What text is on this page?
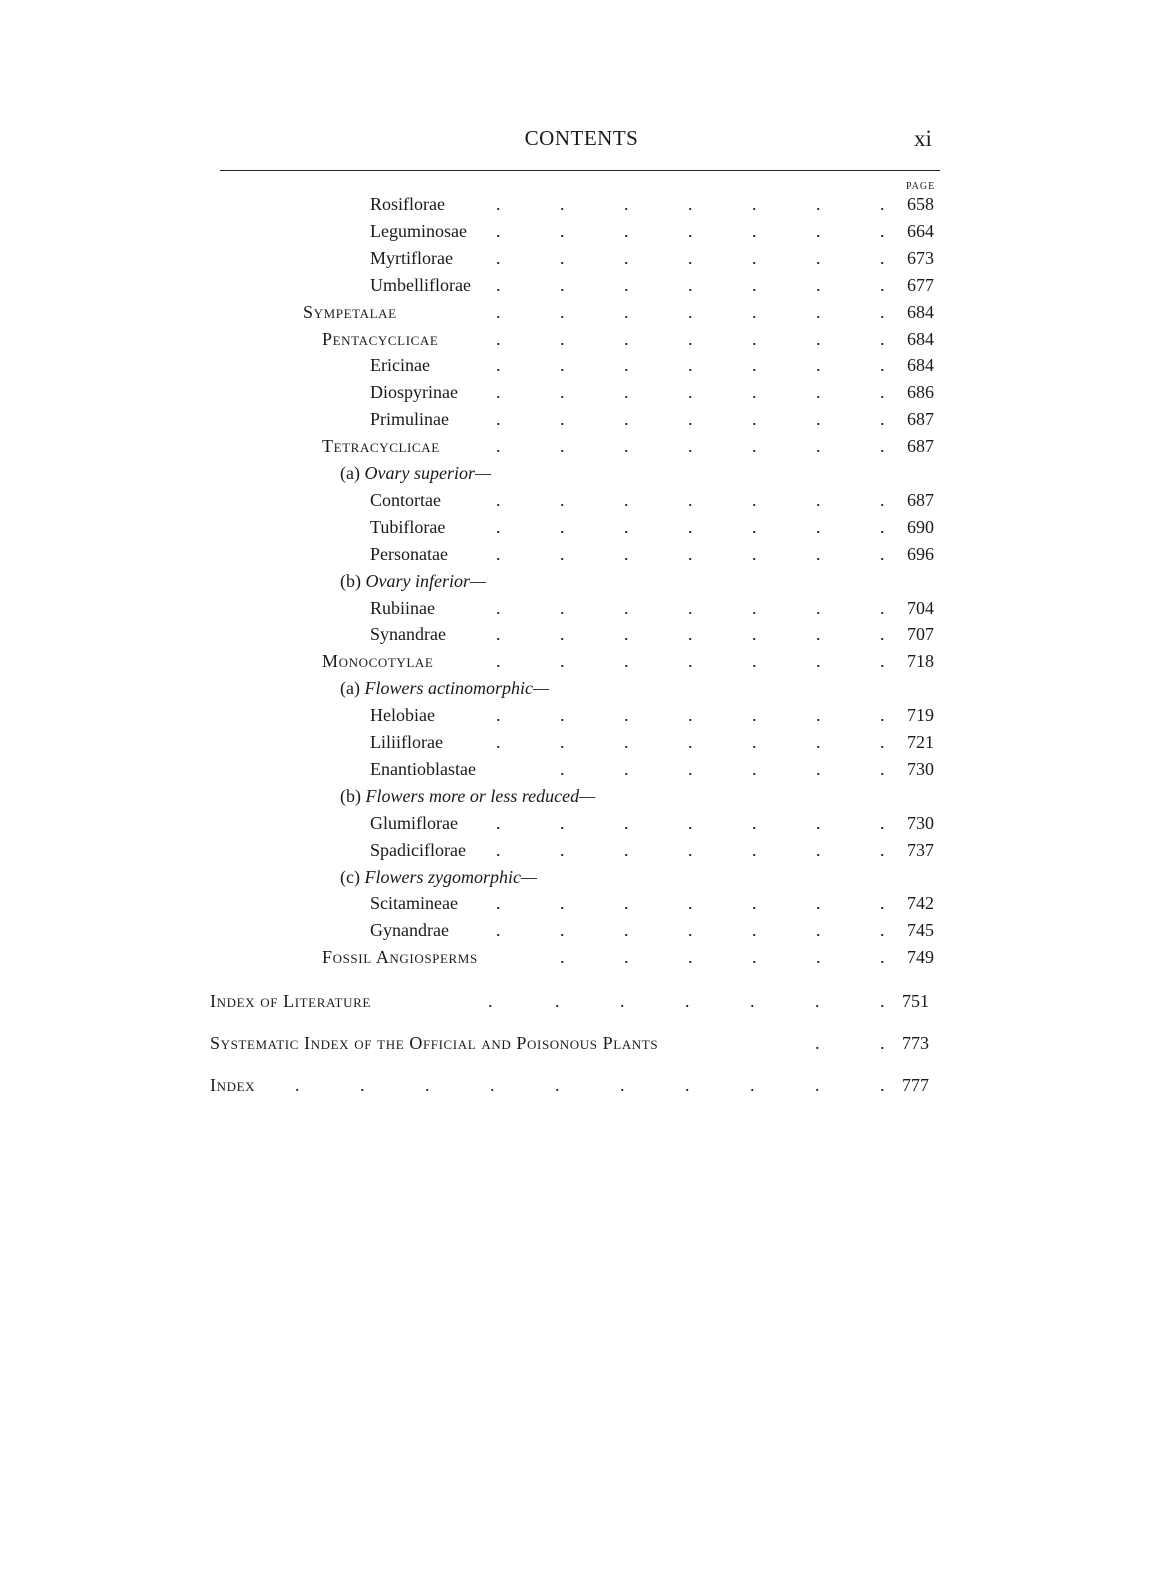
CONTENTS	xi
PAGE
Rosiflorae	.	.	.	.	.	.	. 658
Leguminosae .	.	.	.	.	.	. 664
Myrtiflorae .	.	.	.	.	.	. 673
Umbelliflorae .	.	.	.	.	.	. 677
Sympetalae	.	.	.	.	.	.	. 684
Pentacyclicae	.	.	.	.	.	.	. 684
Ericinae	.	.	.	.	.	.	. 684
Diospyrinae .	.	.	.	.	.	. 686
Primulinae	.	.	.	.	.	.	. 687
Tetracyclicae	.	.	.	.	.	.	. 687
(a) Ovary superior—
Contortae	.	.	.	.	.	.	. 687
Tubiflorae	.	.	.	.	.	.	. 690
Personatae	.	.	.	.	.	.	. 696
(b) Ovary inferior—
Rubiinae	.	.	.	.	.	.	. 704
Synandrae	.	.	.	.	.	.	. 707
Monocotylae	.	.	.	.	.	.	. 718
(a) Flowers actinomorphic—
Helobiae	.	.	.	.	.	.	. 719
Liliiflorae	.	.	.	.	.	.	. 721
Enantioblastae	.	.	.	.	.	. 730
(b) Flowers more or less reduced—
Glumiflorae .	.	.	.	.	.	. 730
Spadiciflorae .	.	.	.	.	.	. 737
(c) Flowers zygomorphic—
Scitamineae .	.	.	.	.	.	. 742
Gynandrae	.	.	.	.	.	.	. 745
Fossil Angiosperms	.	.	.	.	.	. 749
Index of Literature	.	.	.	.	.	.	. 751
Systematic Index of the Official and Poisonous Plants	.	. 773
Index .	.	.	.	.	.	.	.	.	. 777
